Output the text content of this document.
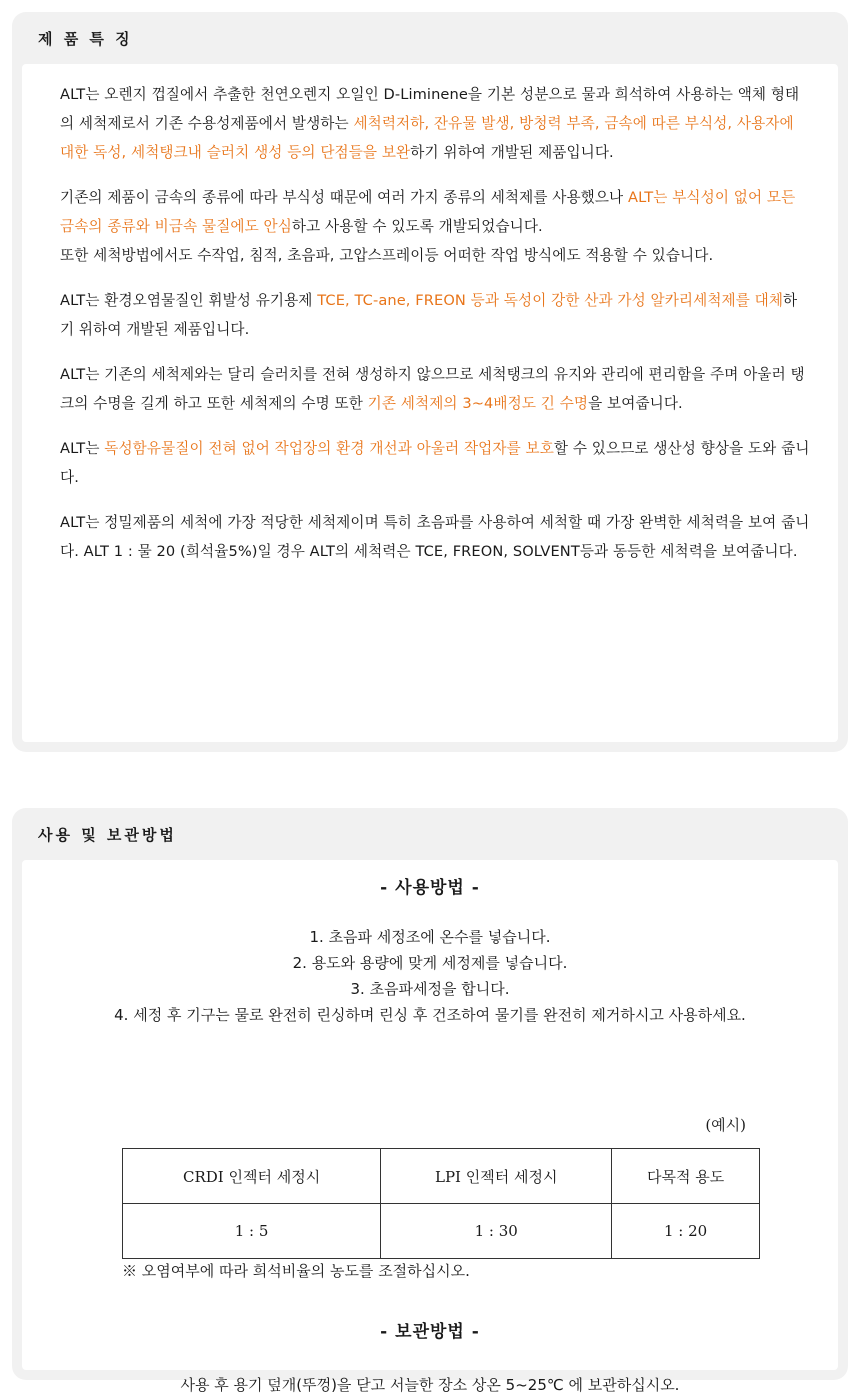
제 품 특 징

ALT는 오렌지 껍질에서 추출한 천연오렌지 오일인 D-Liminene을 기본 성분으로 물과 희석하여 사용하는 액체 형태의 세척제로서 기존 수용성제품에서 발생하는 세척력저하, 잔유물 발생, 방청력 부족, 금속에 따른 부식성, 사용자에 대한 독성, 세척탱크내 슬러치 생성 등의 단점들을 보완하기 위하여 개발된 제품입니다.

기존의 제품이 금속의 종류에 따라 부식성 때문에 여러 가지 종류의 세척제를 사용했으나 ALT는 부식성이 없어 모든 금속의 종류와 비금속 물질에도 안심하고 사용할 수 있도록 개발되었습니다.
또한 세척방법에서도 수작업, 침적, 초음파, 고압스프레이등 어떠한 작업 방식에도 적용할 수 있습니다.

ALT는 환경오염물질인 휘발성 유기용제 TCE, TC-ane, FREON 등과 독성이 강한 산과 가성 알카리세척제를 대체하기 위하여 개발된 제품입니다.

ALT는 기존의 세척제와는 달리 슬러치를 전혀 생성하지 않으므로 세척탱크의 유지와 관리에 편리함을 주며 아울러 탱크의 수명을 길게 하고 또한 세척제의 수명 또한 기존 세척제의 3~4배정도 긴 수명을 보여줍니다.

ALT는 독성함유물질이 전혀 없어 작업장의 환경 개선과 아울러 작업자를 보호할 수 있으므로 생산성 향상을 도와 줍니다.

ALT는 정밀제품의 세척에 가장 적당한 세척제이며 특히 초음파를 사용하여 세척할 때 가장 완벽한 세척력을 보여 줍니다. ALT 1 : 물 20 (희석율5%)일 경우 ALT의 세척력은 TCE, FREON, SOLVENT등과 동등한 세척력을 보여줍니다.

사용 및 보관방법
- 사용방법 -
1. 초음파 세정조에 온수를 넣습니다.
2. 용도와 용량에 맞게 세정제를 넣습니다.
3. 초음파세정을 합니다.
4. 세정 후 기구는 물로 완전히 린싱하며 린싱 후 건조하여 물기를 완전히 제거하시고 사용하세요.
(예시)
CRDI 인젝터 세정시	LPI 인젝터 세정시	다목적 용도
1 : 5	1 : 30	1 : 20
※ 오염여부에 따라 희석비율의 농도를 조절하십시오.
- 보관방법 -
사용 후 용기 덮개(뚜껑)을 닫고 서늘한 장소 상온 5~25℃ 에 보관하십시오.
